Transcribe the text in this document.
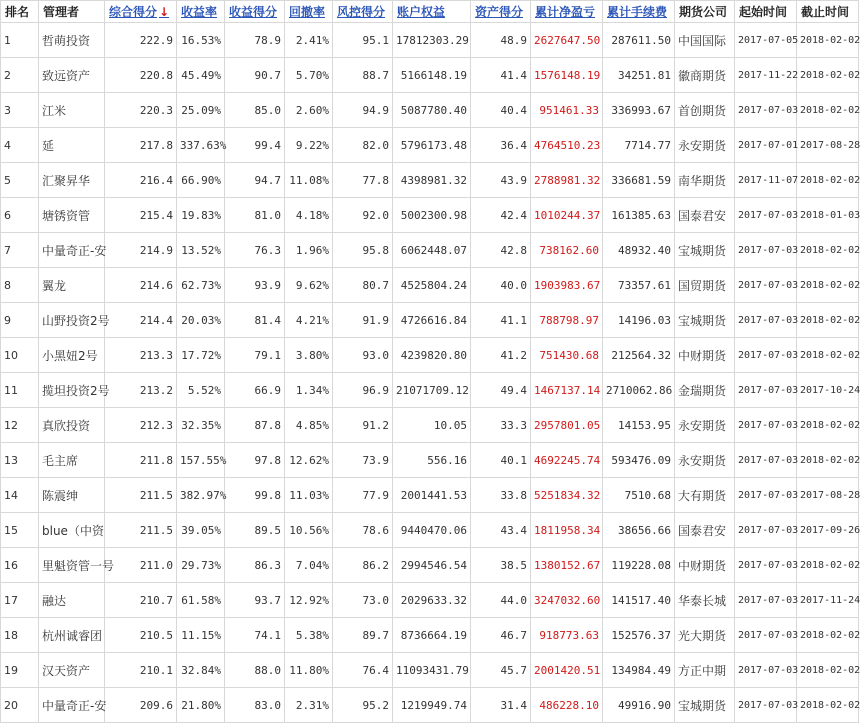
排名	管理者	综合得分 ↓	收益率	收益得分	回撤率	风控得分	账户权益	资产得分	累计净盈亏	累计手续费	期货公司	起始时间	截止时间
1	哲萌投资	222.9	16.53%	78.9	2.41%	95.1	17812303.29	48.9	2627647.50	287611.50	中国国际	2017-07-05	2018-02-02
2	致远资产	220.8	45.49%	90.7	5.70%	88.7	5166148.19	41.4	1576148.19	34251.81	徽商期货	2017-11-22	2018-02-02
3	江米	220.3	25.09%	85.0	2.60%	94.9	5087780.40	40.4	951461.33	336993.67	首创期货	2017-07-03	2018-02-02
4	延	217.8	337.63%	99.4	9.22%	82.0	5796173.48	36.4	4764510.23	7714.77	永安期货	2017-07-01	2017-08-28
5	汇聚昇华	216.4	66.90%	94.7	11.08%	77.8	4398981.32	43.9	2788981.32	336681.59	南华期货	2017-11-07	2018-02-02
6	塘锈资管	215.4	19.83%	81.0	4.18%	92.0	5002300.98	42.4	1010244.37	161385.63	国泰君安	2017-07-03	2018-01-03
7	中量奇正-安	214.9	13.52%	76.3	1.96%	95.8	6062448.07	42.8	738162.60	48932.40	宝城期货	2017-07-03	2018-02-02
8	翼龙	214.6	62.73%	93.9	9.62%	80.7	4525804.24	40.0	1903983.67	73357.61	国贸期货	2017-07-03	2018-02-02
9	山野投资2号	214.4	20.03%	81.4	4.21%	91.9	4726616.84	41.1	788798.97	14196.03	宝城期货	2017-07-03	2018-02-02
10	小黑妞2号	213.3	17.72%	79.1	3.80%	93.0	4239820.80	41.2	751430.68	212564.32	中财期货	2017-07-03	2018-02-02
11	揽坦投资2号	213.2	5.52%	66.9	1.34%	96.9	21071709.12	49.4	1467137.14	2710062.86	金瑞期货	2017-07-03	2017-10-24
12	真欣投资	212.3	32.35%	87.8	4.85%	91.2	10.05	33.3	2957801.05	14153.95	永安期货	2017-07-03	2018-02-02
13	毛主席	211.8	157.55%	97.8	12.62%	73.9	556.16	40.1	4692245.74	593476.09	永安期货	2017-07-03	2018-02-02
14	陈震绅	211.5	382.97%	99.8	11.03%	77.9	2001441.53	33.8	5251834.32	7510.68	大有期货	2017-07-03	2017-08-28
15	blue（中资	211.5	39.05%	89.5	10.56%	78.6	9440470.06	43.4	1811958.34	38656.66	国泰君安	2017-07-03	2017-09-26
16	里魁资管一号	211.0	29.73%	86.3	7.04%	86.2	2994546.54	38.5	1380152.67	119228.08	中财期货	2017-07-03	2018-02-02
17	融达	210.7	61.58%	93.7	12.92%	73.0	2029633.32	44.0	3247032.60	141517.40	华泰长城	2017-07-03	2017-11-24
18	杭州诚睿团	210.5	11.15%	74.1	5.38%	89.7	8736664.19	46.7	918773.63	152576.37	光大期货	2017-07-03	2018-02-02
19	汉天资产	210.1	32.84%	88.0	11.80%	76.4	11093431.79	45.7	2001420.51	134984.49	方正中期	2017-07-03	2018-02-02
20	中量奇正-安	209.6	21.80%	83.0	2.31%	95.2	1219949.74	31.4	486228.10	49916.90	宝城期货	2017-07-03	2018-02-02
